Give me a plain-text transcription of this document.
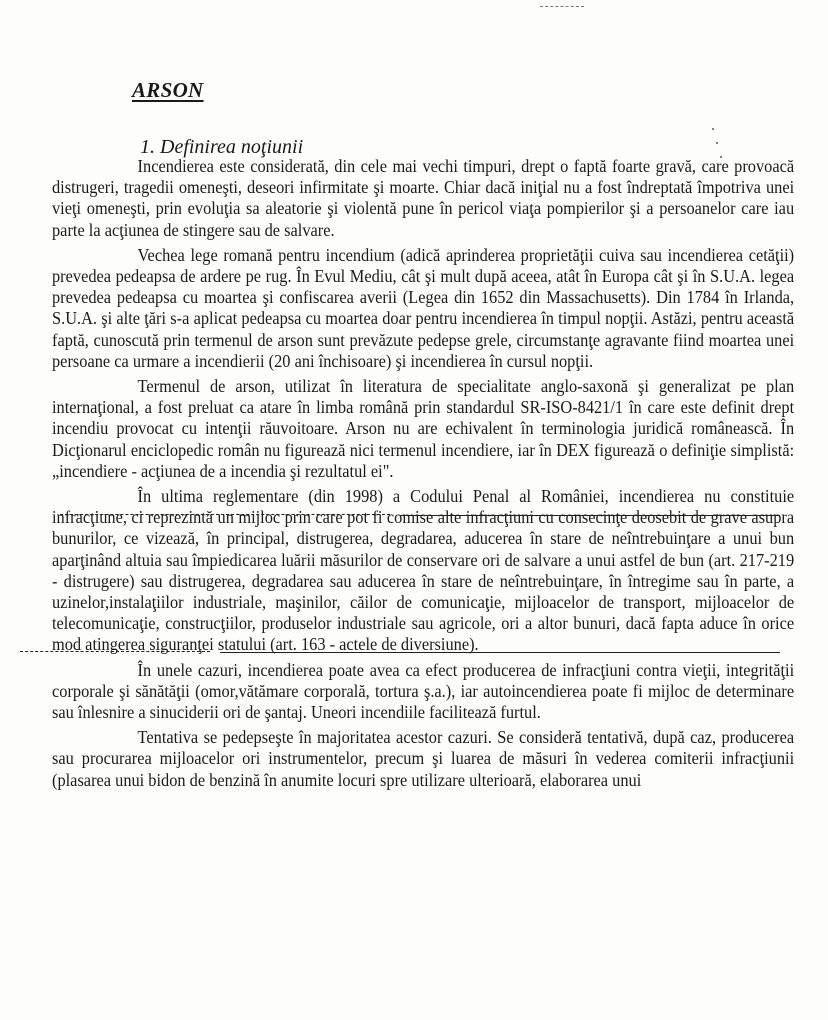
ARSON
1. Definirea noţiunii

Incendierea este considerată, din cele mai vechi timpuri, drept o faptă foarte gravă, care provoacă distrugeri, tragedii omeneşti, deseori infirmitate şi moarte. Chiar dacă iniţial nu a fost îndreptată împotriva unei vieţi omeneşti, prin evoluţia sa aleatorie şi violentă pune în pericol viaţa pompierilor şi a persoanelor care iau parte la acţiunea de stingere sau de salvare.

Vechea lege romană pentru incendium (adică aprinderea proprietăţii cuiva sau incendierea cetăţii) prevedea pedeapsa de ardere pe rug. În Evul Mediu, cât şi mult după aceea, atât în Europa cât şi în S.U.A. legea prevedea pedeapsa cu moartea şi confiscarea averii (Legea din 1652 din Massachusetts). Din 1784 în Irlanda, S.U.A. şi alte ţări s-a aplicat pedeapsa cu moartea doar pentru incendierea în timpul nopţii. Astăzi, pentru această faptă, cunoscută prin termenul de arson sunt prevăzute pedepse grele, circumstanţe agravante fiind moartea unei persoane ca urmare a incendierii (20 ani închisoare) şi incendierea în cursul nopţii.

Termenul de arson, utilizat în literatura de specialitate anglo-saxonă şi generalizat pe plan internaţional, a fost preluat ca atare în limba română prin standardul SR-ISO-8421/1 în care este definit drept incendiu provocat cu intenţii răuvoitoare. Arson nu are echivalent în terminologia juridică românească. În Dicţionarul enciclopedic român nu figurează nici termenul incendiere, iar în DEX figurează o definiţie simplistă: „incendiere - acţiunea de a incendia şi rezultatul ei".

În ultima reglementare (din 1998) a Codului Penal al României, incendierea nu constituie infracţiune, ci reprezintă un mijloc prin care pot fi comise alte infracţiuni cu consecinţe deosebit de grave asupra bunurilor, ce vizează, în principal, distrugerea, degradarea, aducerea în stare de neîntrebuinţare a unui bun aparţinând altuia sau împiedicarea luării măsurilor de conservare ori de salvare a unui astfel de bun (art. 217-219 - distrugere) sau distrugerea, degradarea sau aducerea în stare de neîntrebuinţare, în întregime sau în parte, a uzinelor,instalaţiilor industriale, maşinilor, căilor de comunicaţie, mijloacelor de transport, mijloacelor de telecomunicaţie, construcţiilor, produselor industriale sau agricole, ori a altor bunuri, dacă fapta aduce în orice mod atingerea siguranţei statului (art. 163 - actele de diversiune).

În unele cazuri, incendierea poate avea ca efect producerea de infracţiuni contra vieţii, integrităţii corporale şi sănătăţii (omor,vătămare corporală, tortura ş.a.), iar autoincendierea poate fi mijloc de determinare sau înlesnire a sinuciderii ori de şantaj. Uneori incendiile facilitează furtul.

Tentativa se pedepseşte în majoritatea acestor cazuri. Se consideră tentativă, după caz, producerea sau procurarea mijloacelor ori instrumentelor, precum şi luarea de măsuri în vederea comiterii infracţiunii (plasarea unui bidon de benzină în anumite locuri spre utilizare ulterioară, elaborarea unui
